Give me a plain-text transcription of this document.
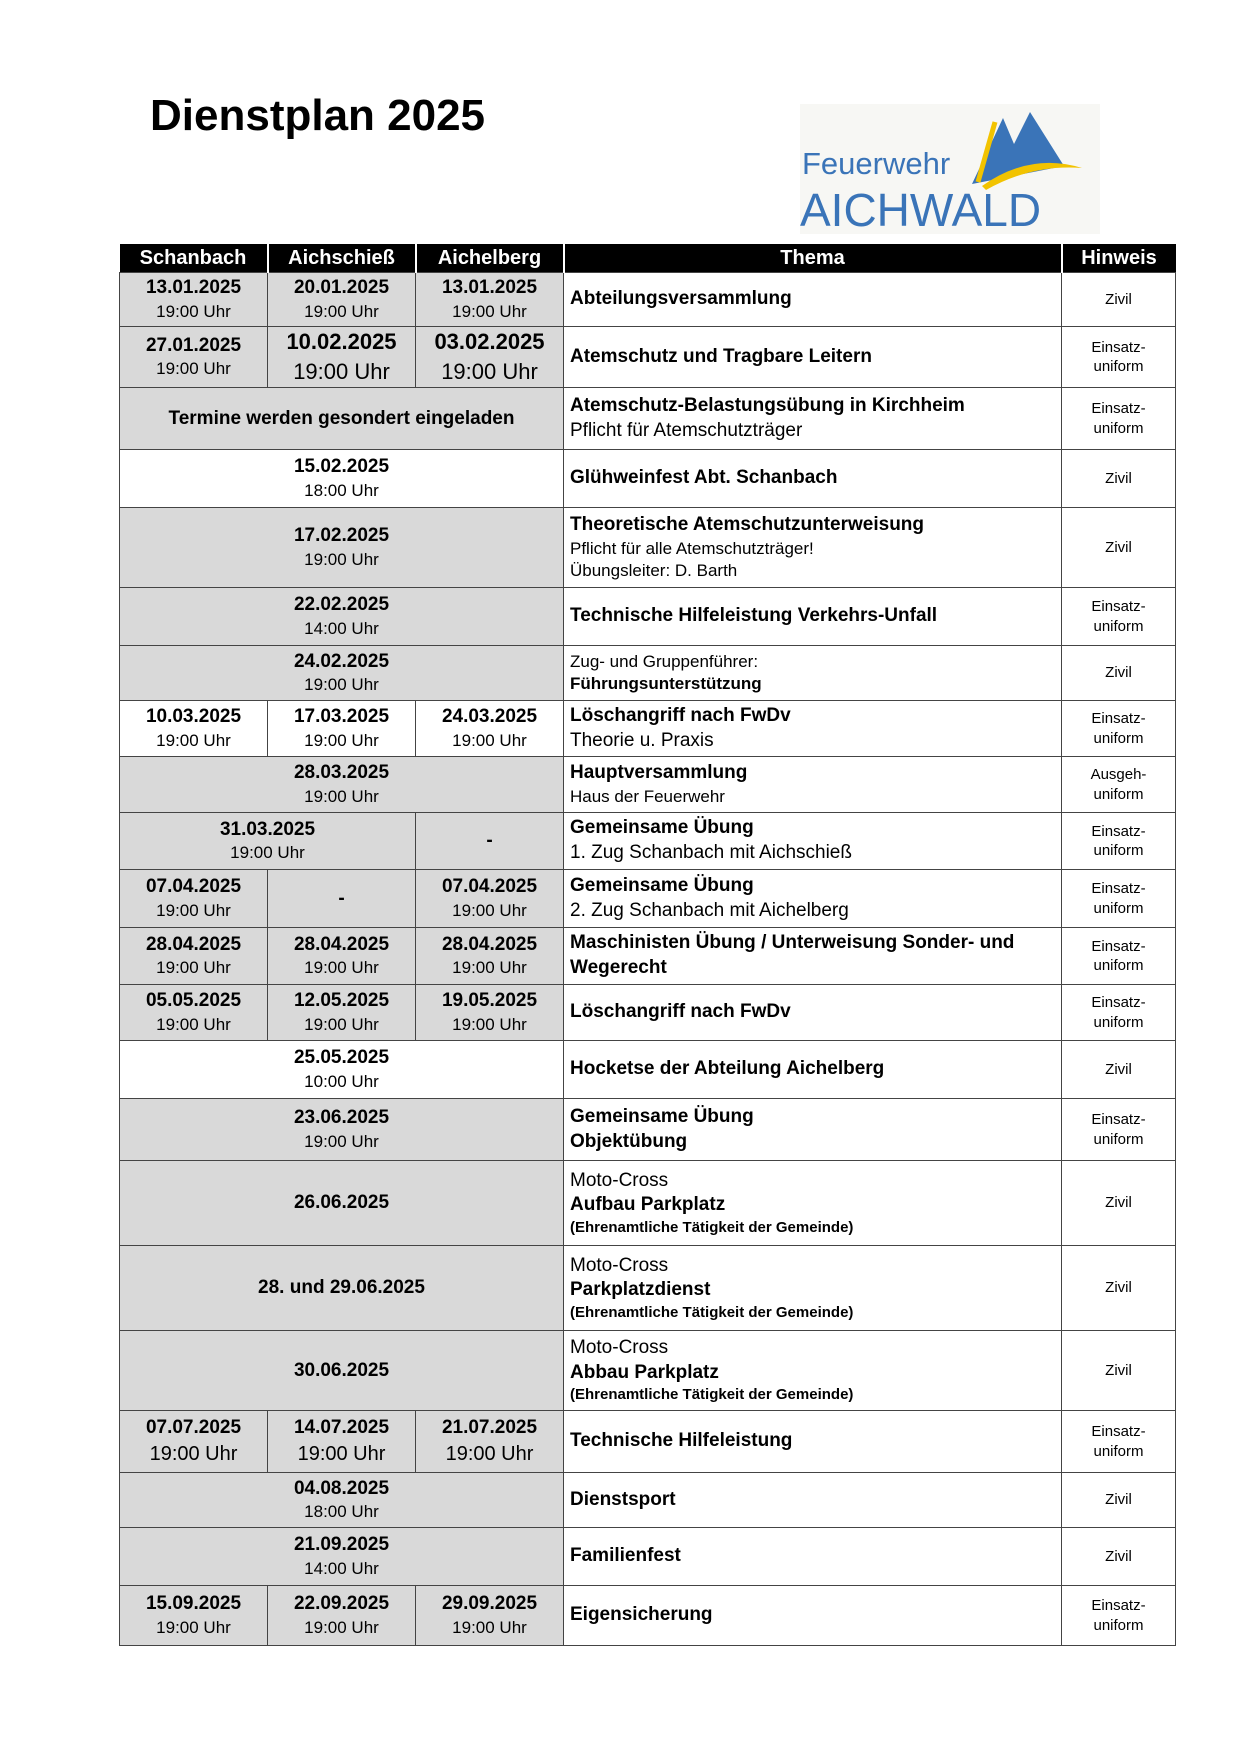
Dienstplan 2025
Feuerwehr
AICHWALD
Schanbach	Aichschieß	Aichelberg	Thema	Hinweis

13.01.2025
19:00 Uhr	20.01.2025
19:00 Uhr	13.01.2025
19:00 Uhr	Abteilungsversammlung	Zivil

27.01.2025
19:00 Uhr	10.02.2025
19:00 Uhr	03.02.2025
19:00 Uhr	Atemschutz und Tragbare Leitern	Einsatz-
uniform

Termine werden gesondert eingeladen			Atemschutz-Belastungsübung in Kirchheim
Pflicht für Atemschutzträger	Einsatz-
uniform

15.02.2025
18:00 Uhr			Glühweinfest Abt. Schanbach	Zivil

17.02.2025
19:00 Uhr			Theoretische Atemschutzunterweisung
Pflicht für alle Atemschutzträger!
Übungsleiter: D. Barth	Zivil

22.02.2025
14:00 Uhr			Technische Hilfeleistung Verkehrs-Unfall	Einsatz-
uniform

24.02.2025
19:00 Uhr			Zug- und Gruppenführer:
Führungsunterstützung	Zivil

10.03.2025
19:00 Uhr	17.03.2025
19:00 Uhr	24.03.2025
19:00 Uhr	Löschangriff nach FwDv
Theorie u. Praxis	Einsatz-
uniform

28.03.2025
19:00 Uhr			Hauptversammlung
Haus der Feuerwehr	Ausgeh-
uniform

31.03.2025
19:00 Uhr		-	Gemeinsame Übung
1. Zug Schanbach mit Aichschieß	Einsatz-
uniform

07.04.2025
19:00 Uhr	-	07.04.2025
19:00 Uhr	Gemeinsame Übung
2. Zug Schanbach mit Aichelberg	Einsatz-
uniform

28.04.2025
19:00 Uhr	28.04.2025
19:00 Uhr	28.04.2025
19:00 Uhr	Maschinisten Übung / Unterweisung Sonder- und
Wegerecht	Einsatz-
uniform

05.05.2025
19:00 Uhr	12.05.2025
19:00 Uhr	19.05.2025
19:00 Uhr	Löschangriff nach FwDv	Einsatz-
uniform

25.05.2025
10:00 Uhr			Hocketse der Abteilung Aichelberg	Zivil

23.06.2025
19:00 Uhr			Gemeinsame Übung
Objektübung	Einsatz-
uniform

26.06.2025			Moto-Cross
Aufbau Parkplatz
(Ehrenamtliche Tätigkeit der Gemeinde)	Zivil
28. und 29.06.2025			Moto-Cross
Parkplatzdienst
(Ehrenamtliche Tätigkeit der Gemeinde)	Zivil
30.06.2025			Moto-Cross
Abbau Parkplatz
(Ehrenamtliche Tätigkeit der Gemeinde)	Zivil

07.07.2025
19:00 Uhr	14.07.2025
19:00 Uhr	21.07.2025
19:00 Uhr	Technische Hilfeleistung	Einsatz-
uniform

04.08.2025
18:00 Uhr			Dienstsport	Zivil

21.09.2025
14:00 Uhr			Familienfest	Zivil

15.09.2025
19:00 Uhr	22.09.2025
19:00 Uhr	29.09.2025
19:00 Uhr	Eigensicherung	Einsatz-
uniform
